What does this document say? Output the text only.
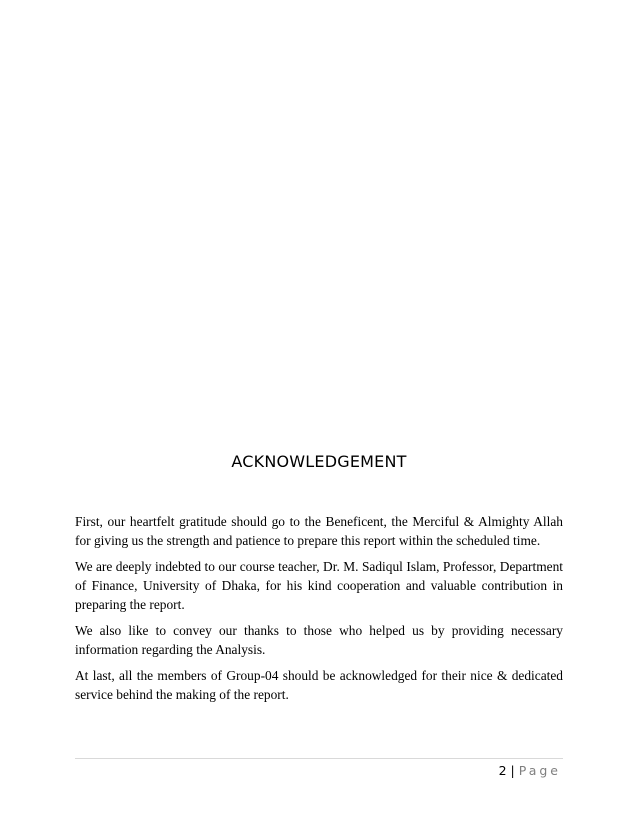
ACKNOWLEDGEMENT

First, our heartfelt gratitude should go to the Beneficent, the Merciful & Almighty Allah for giving us the strength and patience to prepare this report within the scheduled time.

We are deeply indebted to our course teacher, Dr. M. Sadiqul Islam, Professor, Department of Finance, University of Dhaka, for his kind cooperation and valuable contribution in preparing the report.

We also like to convey our thanks to those who helped us by providing necessary information regarding the Analysis.

At last, all the members of Group-04 should be acknowledged for their nice & dedicated service behind the making of the report.

2 | Page
